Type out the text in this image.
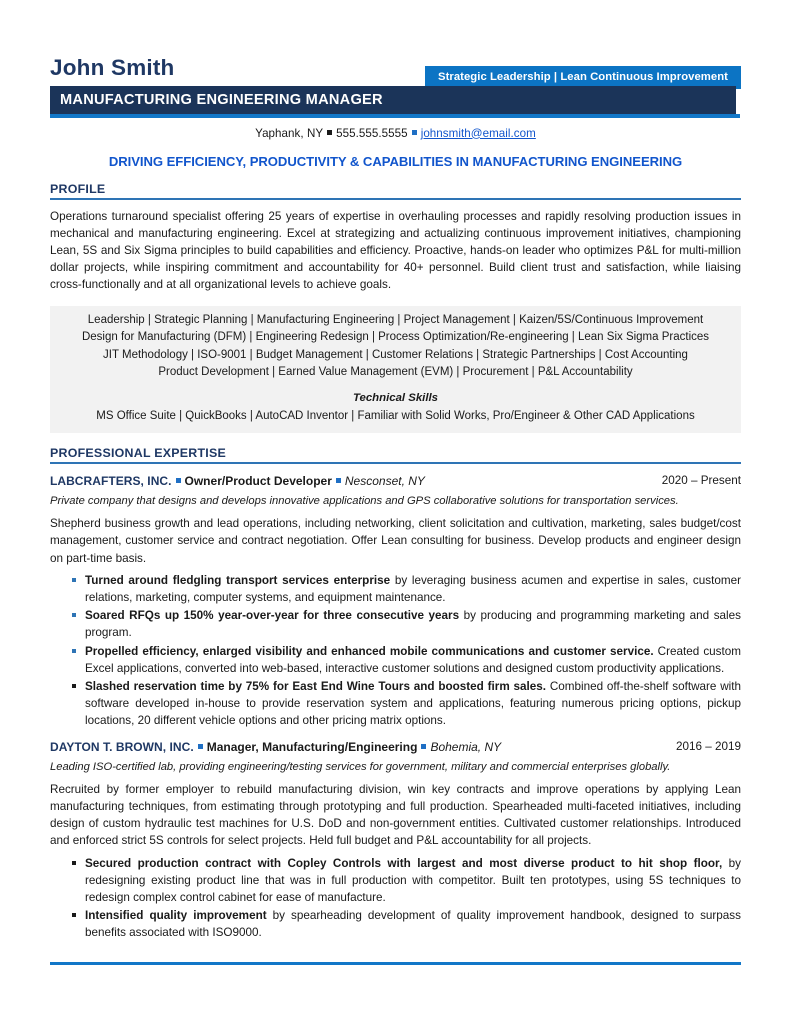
John Smith	Strategic Leadership | Lean Continuous Improvement
MANUFACTURING ENGINEERING MANAGER
Yaphank, NY 555.555.5555 johnsmith@email.com
DRIVING EFFICIENCY, PRODUCTIVITY & CAPABILITIES IN MANUFACTURING ENGINEERING
PROFILE
Operations turnaround specialist offering 25 years of expertise in overhauling processes and rapidly resolving production issues in mechanical and manufacturing engineering. Excel at strategizing and actualizing continuous improvement initiatives, championing Lean, 5S and Six Sigma principles to build capabilities and efficiency. Proactive, hands-on leader who optimizes P&L for multi-million dollar projects, while inspiring commitment and accountability for 40+ personnel. Build client trust and satisfaction, while liaising cross-functionally and at all organizational levels to achieve goals.
Leadership | Strategic Planning | Manufacturing Engineering | Project Management | Kaizen/5S/Continuous Improvement
Design for Manufacturing (DFM) | Engineering Redesign | Process Optimization/Re-engineering | Lean Six Sigma Practices
JIT Methodology | ISO-9001 | Budget Management | Customer Relations | Strategic Partnerships | Cost Accounting
Product Development | Earned Value Management (EVM) | Procurement | P&L Accountability
Technical Skills
MS Office Suite | QuickBooks | AutoCAD Inventor | Familiar with Solid Works, Pro/Engineer & Other CAD Applications
PROFESSIONAL EXPERTISE
LABCRAFTERS, INC. Owner/Product Developer Nesconset, NY	2020 – Present
Private company that designs and develops innovative applications and GPS collaborative solutions for transportation services.
Shepherd business growth and lead operations, including networking, client solicitation and cultivation, marketing, sales budget/cost management, customer service and contract negotiation. Offer Lean consulting for business. Develop products and engineer design on part-time basis.
Turned around fledgling transport services enterprise by leveraging business acumen and expertise in sales, customer relations, marketing, computer systems, and equipment maintenance.
Soared RFQs up 150% year-over-year for three consecutive years by producing and programming marketing and sales program.
Propelled efficiency, enlarged visibility and enhanced mobile communications and customer service. Created custom Excel applications, converted into web-based, interactive customer solutions and designed custom productivity applications.
Slashed reservation time by 75% for East End Wine Tours and boosted firm sales. Combined off-the-shelf software with software developed in-house to provide reservation system and applications, featuring numerous pricing options, pickup locations, 20 different vehicle options and other pricing matrix options.
DAYTON T. BROWN, INC. Manager, Manufacturing/Engineering Bohemia, NY	2016 – 2019
Leading ISO-certified lab, providing engineering/testing services for government, military and commercial enterprises globally.
Recruited by former employer to rebuild manufacturing division, win key contracts and improve operations by applying Lean manufacturing techniques, from estimating through prototyping and full production. Spearheaded multi-faceted initiatives, including design of custom hydraulic test machines for U.S. DoD and non-government entities. Cultivated customer relationships. Introduced and enforced strict 5S controls for select projects. Held full budget and P&L accountability for all projects.
Secured production contract with Copley Controls with largest and most diverse product to hit shop floor, by redesigning existing product line that was in full production with competitor. Built ten prototypes, using 5S techniques to redesign complex control cabinet for ease of manufacture.
Intensified quality improvement by spearheading development of quality improvement handbook, designed to surpass benefits associated with ISO9000.
